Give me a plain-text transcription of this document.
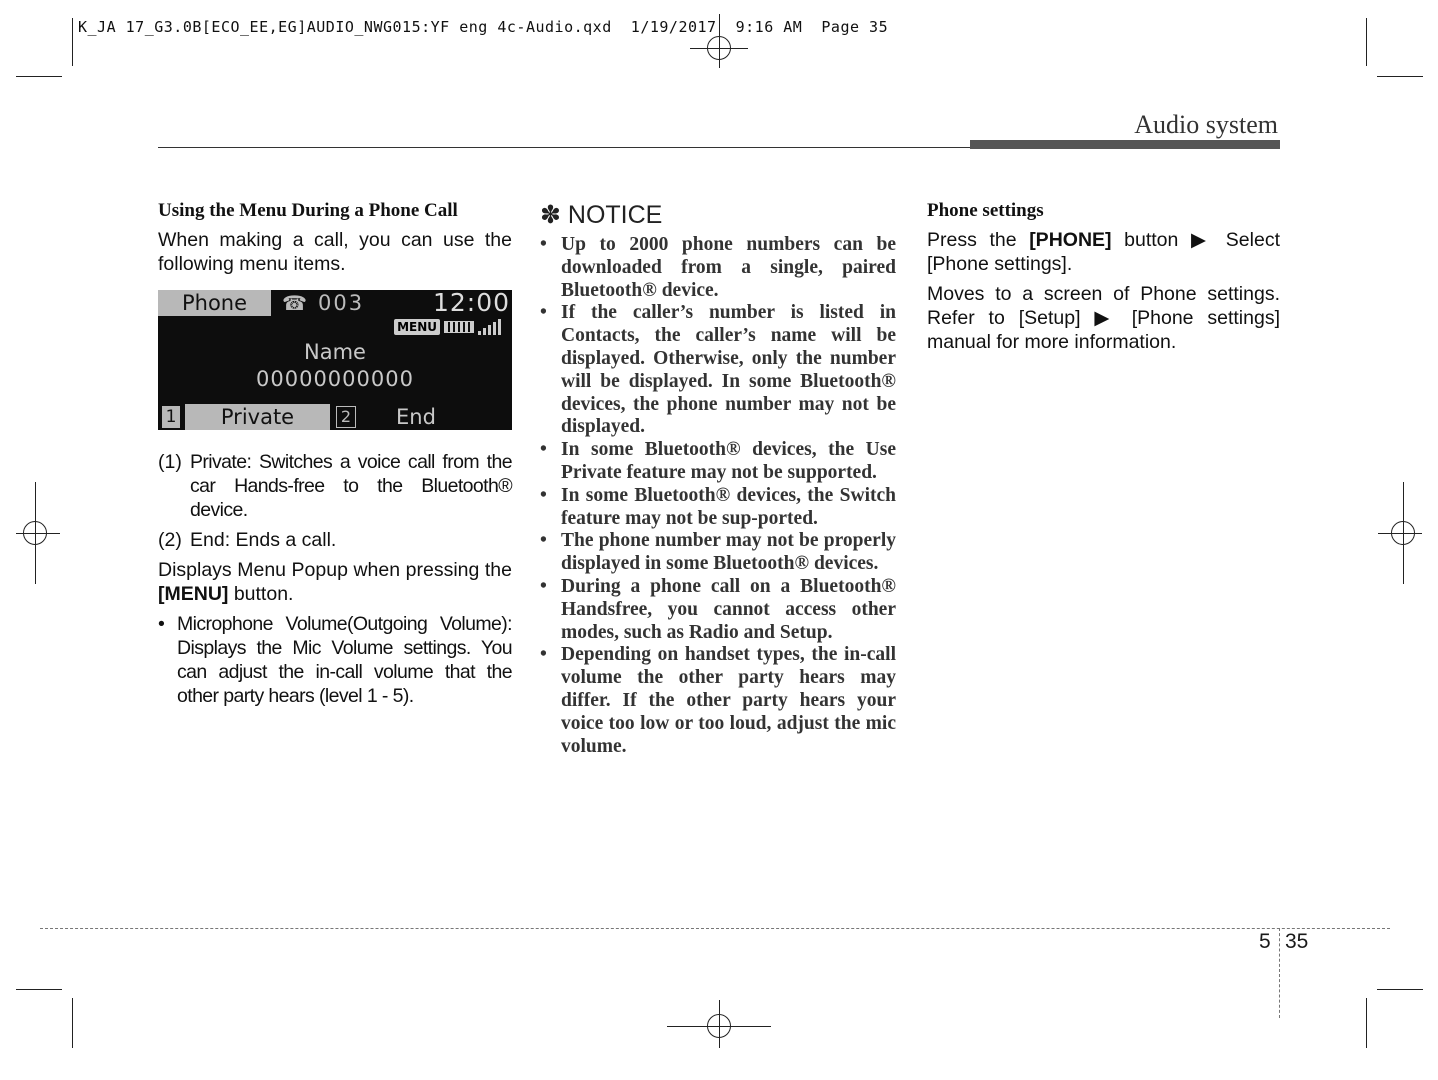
K_JA 17_G3.0B[ECO_EE,EG]AUDIO_NWG015:YF eng 4c-Audio.qxd  1/19/2017  9:16 AM  Page 35
Audio system
Using the Menu During a Phone Call

When making a call, you can use the following menu items.

Phone	☎ 003	12:00
MENU
Name
00000000000
1	Private	2 End
(1) Private: Switches a voice call from the car Hands-free to the Bluetooth® device.
(2) End: Ends a call.

Displays Menu Popup when pressing the [MENU] button.

• Microphone Volume(Outgoing Volume): Displays the Mic Volume settings. You can adjust the in-call volume that the other party hears (level 1 - 5).
✽ NOTICE
• Up to 2000 phone numbers can be downloaded from a single, paired Bluetooth® device.
• If the caller’s number is listed in Contacts, the caller’s name will be displayed. Otherwise, only the number will be displayed. In some Bluetooth® devices, the phone number may not be displayed.
• In some Bluetooth® devices, the Use Private feature may not be supported.
• In some Bluetooth® devices, the Switch feature may not be sup-ported.
• The phone number may not be properly displayed in some Bluetooth® devices.
• During a phone call on a Bluetooth® Handsfree, you cannot access other modes, such as Radio and Setup.
• Depending on handset types, the in-call volume the other party hears may differ. If the other party hears your voice too low or too loud, adjust the mic volume.
Phone settings

Press the [PHONE] button ▶ Select [Phone settings].

Moves to a screen of Phone settings. Refer to [Setup] ▶ [Phone settings] manual for more information.

5 35
